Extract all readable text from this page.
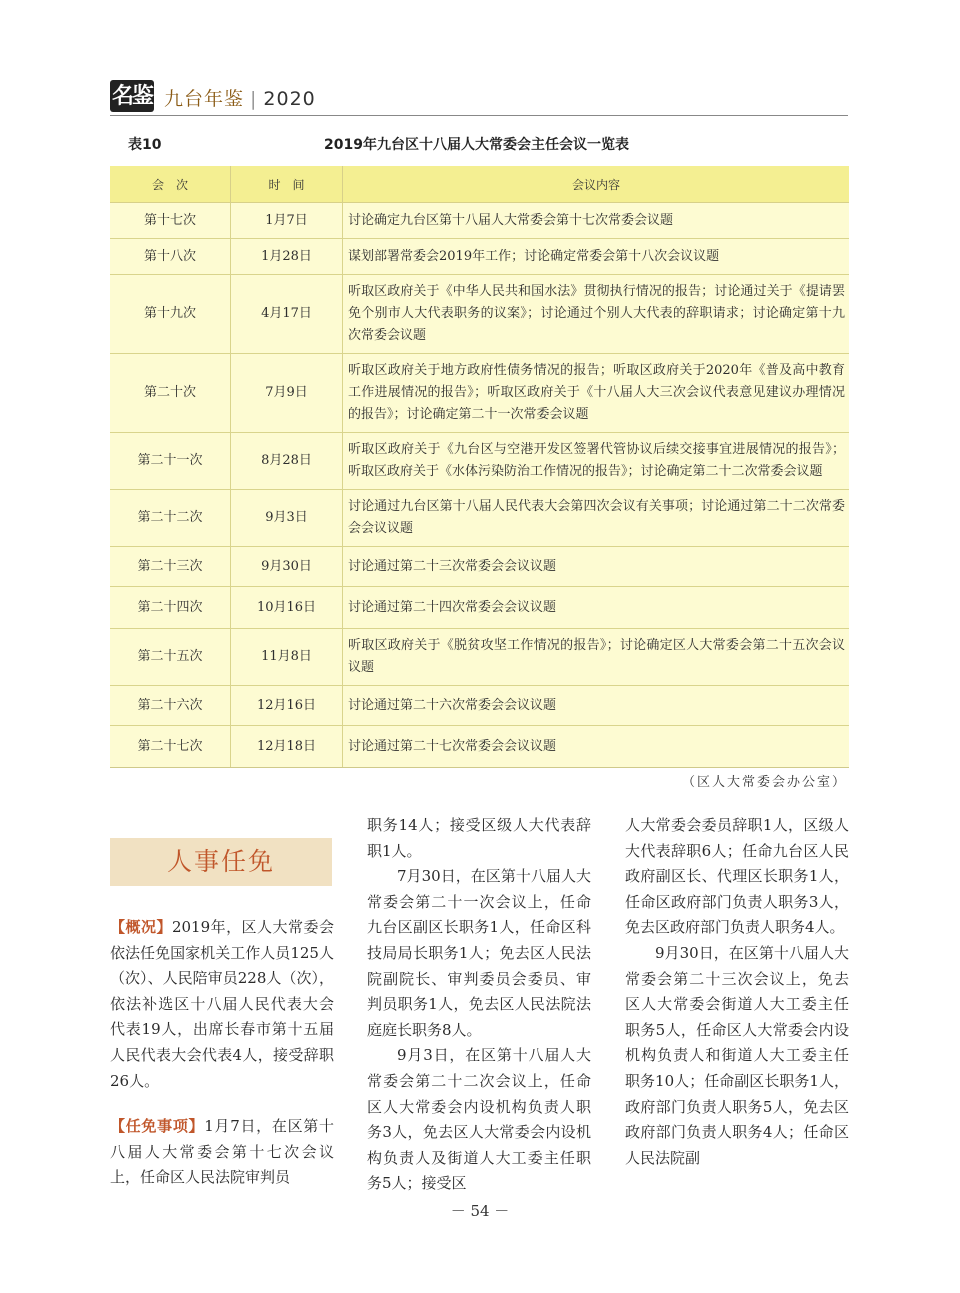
名鉴 九台年鉴 | 2020
表10	2019年九台区十八届人大常委会主任会议一览表
会　次	时　间	会议内容
第十七次	1月7日	讨论确定九台区第十八届人大常委会第十七次常委会议题
第十八次	1月28日	谋划部署常委会2019年工作；讨论确定常委会第十八次会议议题
第十九次	4月17日	听取区政府关于《中华人民共和国水法》贯彻执行情况的报告；讨论通过关于《提请罢免个别市人大代表职务的议案》；讨论通过个别人大代表的辞职请求；讨论确定第十九次常委会议题
第二十次	7月9日	听取区政府关于地方政府性债务情况的报告；听取区政府关于2020年《普及高中教育工作进展情况的报告》；听取区政府关于《十八届人大三次会议代表意见建议办理情况的报告》；讨论确定第二十一次常委会议题
第二十一次	8月28日	听取区政府关于《九台区与空港开发区签署代管协议后续交接事宜进展情况的报告》；听取区政府关于《水体污染防治工作情况的报告》；讨论确定第二十二次常委会议题
第二十二次	9月3日	讨论通过九台区第十八届人民代表大会第四次会议有关事项；讨论通过第二十二次常委会会议议题
第二十三次	9月30日	讨论通过第二十三次常委会会议议题
第二十四次	10月16日	讨论通过第二十四次常委会会议议题
第二十五次	11月8日	听取区政府关于《脱贫攻坚工作情况的报告》；讨论确定区人大常委会第二十五次会议议题
第二十六次	12月16日	讨论通过第二十六次常委会会议议题
第二十七次	12月18日	讨论通过第二十七次常委会会议议题
（区人大常委会办公室）
人事任免

【概况】2019年，区人大常委会依法任免国家机关工作人员125人（次）、人民陪审员228人（次），依法补选区十八届人民代表大会代表19人，出席长春市第十五届人民代表大会代表4人，接受辞职26人。

【任免事项】1月7日，在区第十八届人大常委会第十七次会议上，任命区人民法院审判员

职务14人；接受区级人大代表辞职1人。

7月30日，在区第十八届人大常委会第二十一次会议上，任命九台区副区长职务1人，任命区科技局局长职务1人；免去区人民法院副院长、审判委员会委员、审判员职务1人，免去区人民法院法庭庭长职务8人。

9月3日，在区第十八届人大常委会第二十二次会议上，任命区人大常委会内设机构负责人职务3人，免去区人大常委会内设机构负责人及街道人大工委主任职务5人；接受区

人大常委会委员辞职1人，区级人大代表辞职6人；任命九台区人民政府副区长、代理区长职务1人，任命区政府部门负责人职务3人，免去区政府部门负责人职务4人。

9月30日，在区第十八届人大常委会第二十三次会议上，免去区人大常委会街道人大工委主任职务5人，任命区人大常委会内设机构负责人和街道人大工委主任职务10人；任命副区长职务1人，政府部门负责人职务5人，免去区政府部门负责人职务4人；任命区人民法院副

－ 54 －
